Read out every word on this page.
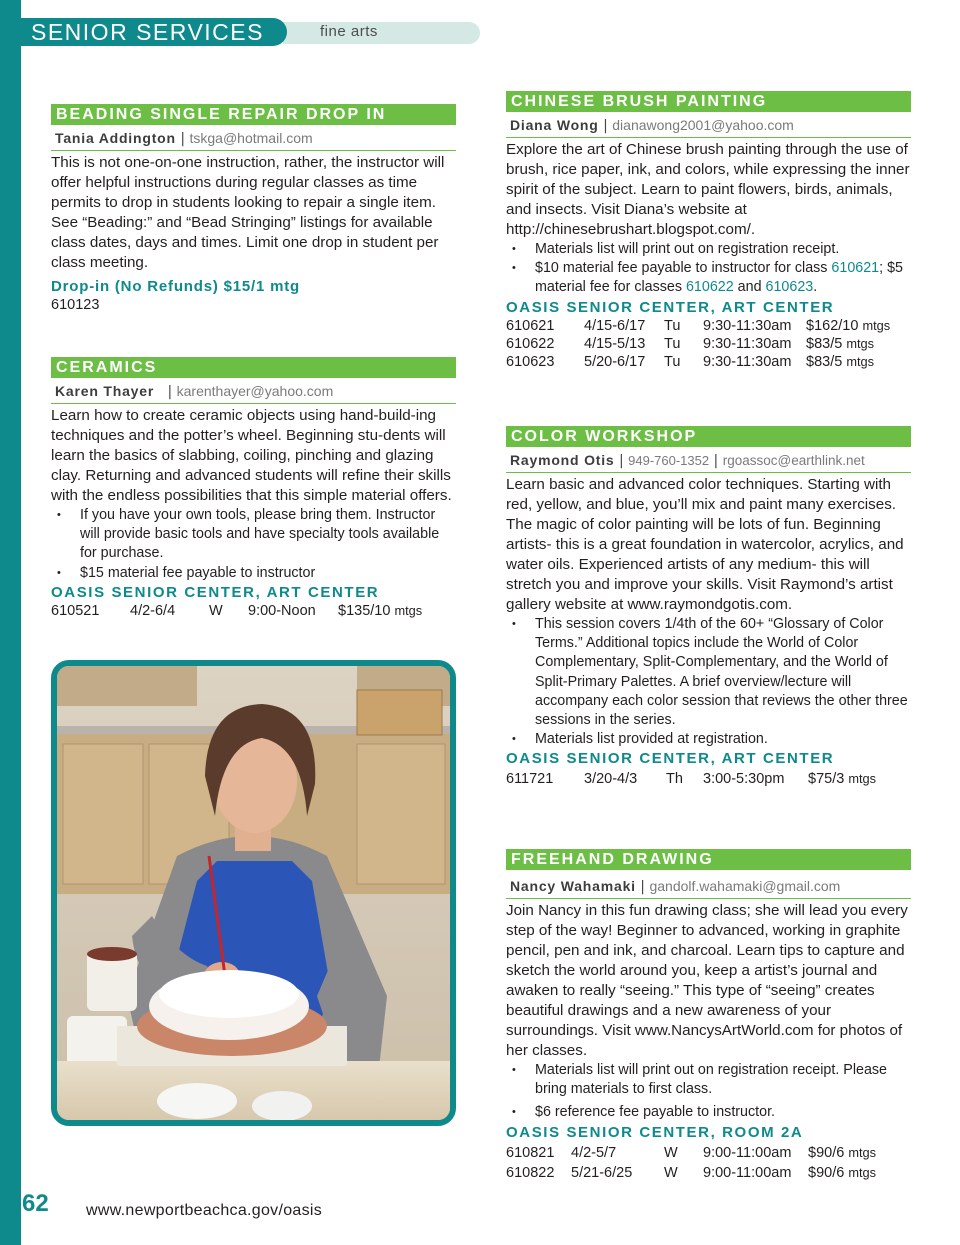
SENIOR SERVICES	fine arts
BEADING SINGLE REPAIR DROP IN
Tania Addington | tskga@hotmail.com

This is not one-on-one instruction, rather, the instructor will offer helpful instructions during regular classes as time permits to drop in students looking to repair a single item. See “Beading:” and “Bead Stringing” listings for available class dates, days and times. Limit one drop in student per class meeting.

Drop-in (No Refunds) $15/1 mtg
610123
CERAMICS
Karen Thayer   | karenthayer@yahoo.com

Learn how to create ceramic objects using hand-build-ing techniques and the potter’s wheel. Beginning stu-dents will learn the basics of slabbing, coiling, pinching and glazing clay. Returning and advanced students will refine their skills with the endless possibilities that this simple material offers.

• If you have your own tools, please bring them. Instructor will provide basic tools and have specialty tools available for purchase.
• $15 material fee payable to instructor
OASIS SENIOR CENTER, ART CENTER
610521 4/2-6/4 W 9:00-Noon $135/10 mtgs
CHINESE BRUSH PAINTING
Diana Wong | dianawong2001@yahoo.com

Explore the art of Chinese brush painting through the use of brush, rice paper, ink, and colors, while expressing the inner spirit of the subject. Learn to paint flowers, birds, animals, and insects. Visit Diana’s website at http://chinesebrushart.blogspot.com/.

• Materials list will print out on registration receipt.
• $10 material fee payable to instructor for class 610621; $5 material fee for classes 610622 and 610623.
OASIS SENIOR CENTER, ART CENTER
610621 4/15-6/17 Tu 9:30-11:30am $162/10 mtgs
610622 4/15-5/13 Tu 9:30-11:30am $83/5 mtgs
610623 5/20-6/17 Tu 9:30-11:30am $83/5 mtgs
COLOR WORKSHOP
Raymond Otis | 949-760-1352 | rgoassoc@earthlink.net

Learn basic and advanced color techniques. Starting with red, yellow, and blue, you’ll mix and paint many exercises. The magic of color painting will be lots of fun. Beginning artists- this is a great foundation in watercolor, acrylics, and water oils. Experienced artists of any medium- this will stretch you and improve your skills. Visit Raymond’s artist gallery website at www.raymondgotis.com.

• This session covers 1/4th of the 60+ “Glossary of Color Terms.” Additional topics include the World of Color Complementary, Split-Complementary, and the World of Split-Primary Palettes. A brief overview/lecture will accompany each color session that reviews the other three sessions in the series.
• Materials list provided at registration.
OASIS SENIOR CENTER, ART CENTER
611721 3/20-4/3 Th 3:00-5:30pm $75/3 mtgs
FREEHAND DRAWING
Nancy Wahamaki | gandolf.wahamaki@gmail.com

Join Nancy in this fun drawing class; she will lead you every step of the way! Beginner to advanced, working in graphite pencil, pen and ink, and charcoal. Learn tips to capture and sketch the world around you, keep a artist’s journal and awaken to really “seeing.” This type of “seeing” creates beautiful drawings and a new awareness of your surroundings. Visit www.NancysArtWorld.com for photos of her classes.

• Materials list will print out on registration receipt. Please bring materials to first class.
• $6 reference fee payable to instructor.
OASIS SENIOR CENTER, ROOM 2A
610821 4/2-5/7	W 9:00-11:00am $90/6 mtgs
610822 5/21-6/25 W 9:00-11:00am $90/6 mtgs
62 www.newportbeachca.gov/oasis
